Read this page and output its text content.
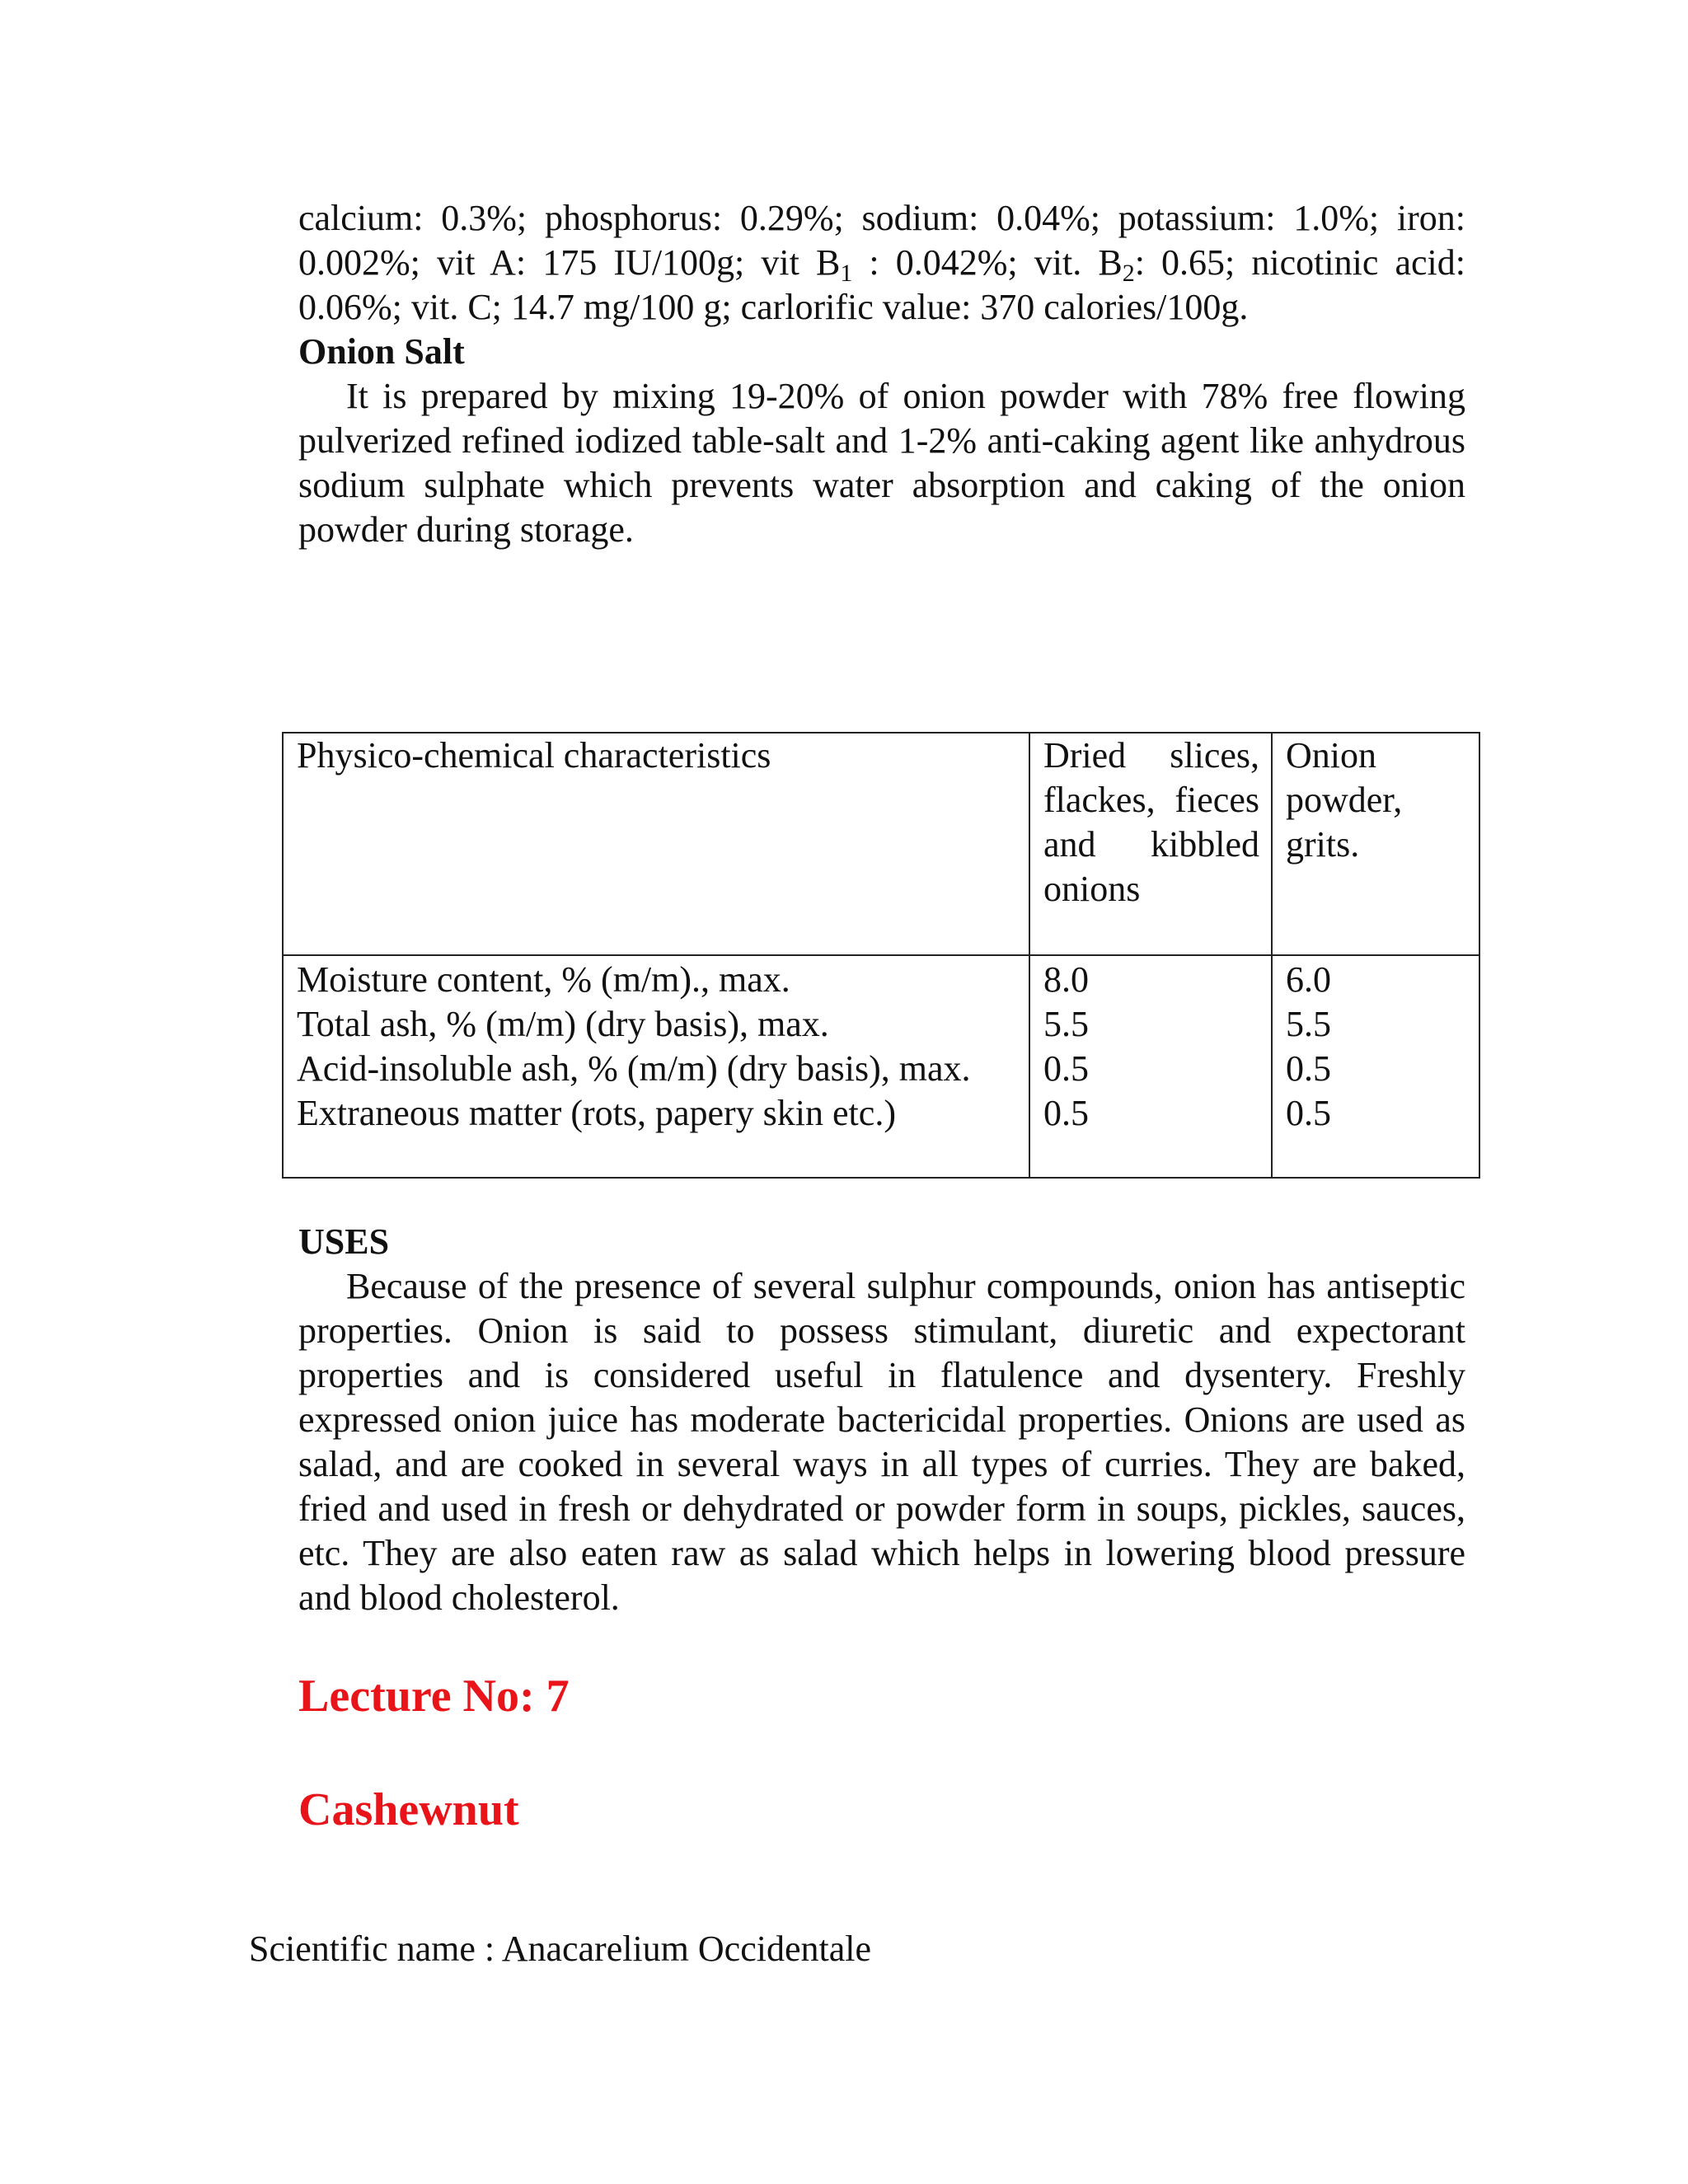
calcium: 0.3%; phosphorus: 0.29%; sodium: 0.04%; potassium: 1.0%; iron: 0.002%; vit A: 175 IU/100g; vit $B_1$ : 0.042%; vit. $B_2$: 0.65; nicotinic acid: 0.06%; vit. C; 14.7 mg/100 g; carlorific value: 370 calories/100g.

Onion Salt

It is prepared by mixing 19-20% of onion powder with 78% free flowing pulverized refined iodized table-salt and 1-2% anti-caking agent like anhydrous sodium sulphate which prevents water absorption and caking of the onion powder during storage.

Physico-chemical characteristics	Dried slices, flackes, fieces and kibbled onions
Onion powder, grits.
Moisture content, % (m/m)., max.
Total ash, % (m/m) (dry basis), max.
Acid-insoluble ash, % (m/m) (dry basis), max.
Extraneous matter (rots, papery skin etc.)
8.0
5.5
0.5
0.5
6.0
5.5
0.5
0.5

USES

Because of the presence of several sulphur compounds, onion has antiseptic properties. Onion is said to possess stimulant, diuretic and expectorant properties and is considered useful in flatulence and dysentery. Freshly expressed onion juice has moderate bactericidal properties. Onions are used as salad, and are cooked in several ways in all types of curries. They are baked, fried and used in fresh or dehydrated or powder form in soups, pickles, sauces, etc. They are also eaten raw as salad which helps in lowering blood pressure and blood cholesterol.

Lecture No: 7
Cashewnut
Scientific name : Anacarelium Occidentale
